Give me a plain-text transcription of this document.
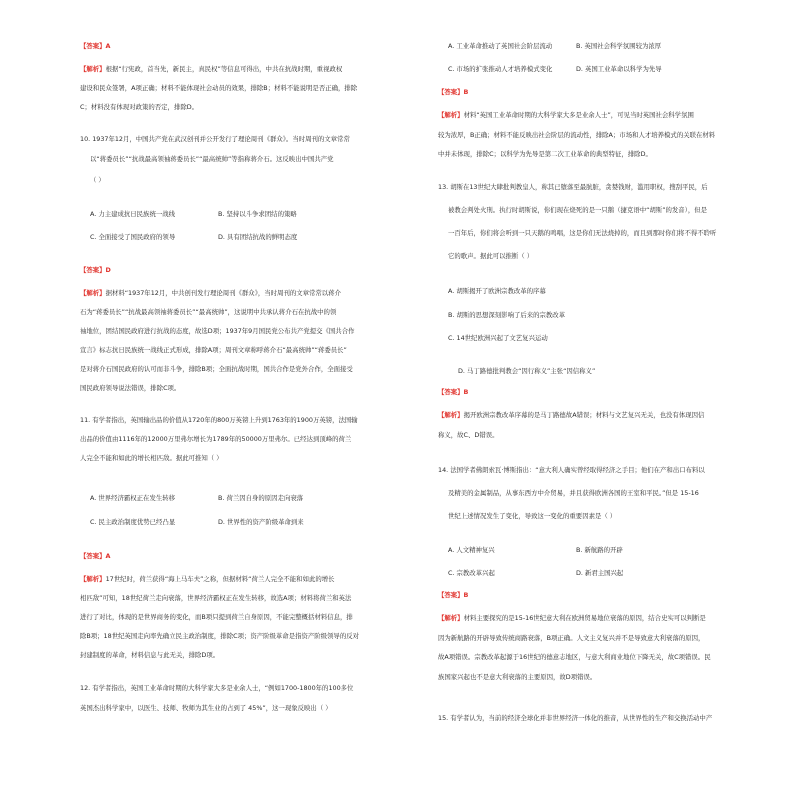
【答案】A
【解析】根据“行宪政，首当先，新民主，真民权”等信息可得出，中共在抗战时期，重视政权
建设和民众签署，A项正确；材料不能体现社会动员的效果，排除B；材料不能说明是否正确，排除
C；材料没有体现对政策的否定，排除D。
10. 1937年12月，中国共产党在武汉创刊并公开发行了理论周刊《群众》。当时周刊的文章常常
以“蒋委员长”“抗战最高领袖蒋委员长”“最高统帅”等指称蒋介石。这反映出中国共产党
（ ）
A. 力主建成抗日民族统一战线	B. 坚持以斗争求团结的策略
C. 全面接受了国民政府的领导	D. 具有团结抗战的鲜明态度
【答案】D
【解析】据材料“1937年12月，中共创刊发行理论周刊《群众》，当时周刊的文章常常以蒋介
石为“蒋委员长”“抗战最高领袖蒋委员长”“最高统帅”，这说明中共承认蒋介石在抗战中的领
袖地位，团结国民政府进行抗战的态度，故选D项；1937年9月国民党公布共产党提交《国共合作
宣言》标志抗日民族统一战线正式形成，排除A项；周刊文章称呼蒋介石“最高统帅”“蒋委员长”
是对蒋介石国民政府的认可而非斗争，排除B项；全面抗战时期，国共合作是党外合作，全面接受
国民政府领导说法错误，排除C项。
11. 有学者指出，英国输出品的价值从1720年的800万英镑上升到1763年的1900万英镑，法国输
出品的价值由1116年的12000万里弗尔增长为1789年的50000万里弗尔。已经达到顶峰的荷兰
人完全不能和如此的增长相匹敌。据此可推知（ ）
A. 世界经济霸权正在发生转移	B. 荷兰因自身的原因走向衰落
C. 民主政治制度优势已经凸显	D. 世界性的资产阶级革命到来
【答案】A
【解析】17世纪时，荷兰获得“海上马车夫”之称，但据材料“荷兰人完全不能和如此的增长
相匹敌”可知，18世纪荷兰走向衰落，世界经济霸权正在发生转移，故选A项；材料将荷兰和英法
进行了对比，体现的是世界商务的变化，而B项只提到荷兰自身原因，不能完整概括材料信息，排
除B项；18世纪英国走向率先确立民主政治制度，排除C项；资产阶级革命是指资产阶级领导的反对
封建制度的革命，材料信息与此无关，排除D项。
12. 有学者指出，英国工业革命时期的大科学家大多是业余人士，“例如1700-1800年的100多位
英国杰出科学家中，以医生、技师、牧师为其生业的占到了 45%”，这一现象反映出（ ）
A. 工业革命推动了英国社会阶层流动	B. 英国社会科学氛围较为浓厚
C. 市场的扩张推动人才培养模式变化	D. 英国工业革命以科学为先导
【答案】B
【解析】材料“英国工业革命时期的大科学家大多是业余人士”，可见当时英国社会科学氛围
较为浓厚，B正确；材料不能反映出社会阶层的流动性，排除A；市场和人才培养模式的关联在材料
中并未体现，排除C；以科学为先导是第二次工业革命的典型特征，排除D。
13. 胡斯在13世纪大肆批判教皇人，称其已堕落至最肮脏，贪婪钱财，滥用职权，搜刮平民，后
被教会判处火刑。执行时胡斯说，你们现在烧死的是一只鹅（捷克语中“胡斯”的发音），但是
一百年后，你们将会听到一只天鹅的鸣唱，这是你们无法烧掉的，而且到那时你们将不得不聆听
它的歌声。据此可以推断（ ）
A. 胡斯揭开了欧洲宗教改革的序幕
B. 胡斯的思想深刻影响了后来的宗教改革
C. 14世纪欧洲兴起了文艺复兴运动
D. 马丁路德批判教会“因行称义”主张“因信称义”
【答案】B
【解析】揭开欧洲宗教改革序幕的是马丁路德故A错误；材料与文艺复兴无关，也没有体现因信
称义，故C、D错误。
14. 法国学者佛朗索瓦·博斯指出：“意大利人确实曾经取得经济之手目；他们在产和出口布料以
及精美的金属制品，从事东西方中介贸易，并且获得欧洲各国的王室和平民。”但是 15-16
世纪上述情况发生了变化，导致这一变化的重要因素是（ ）
A. 人文精神复兴	B. 新航路的开辟
C. 宗教改革兴起	D. 新君主国兴起
【答案】B
【解析】材料主要探究的是15-16世纪意大利在欧洲贸易地位衰落的原因，结合史实可以判断是
因为新航路的开辟导致传统商路衰落，B项正确。人文主义复兴并不是导致意大利衰落的原因，
故A项错误。宗教改革起源于16世纪的德意志地区，与意大利商业地位下降无关，故C项错误。民
族国家兴起也不是意大利衰落的主要原因，故D项错误。
15. 有学者认为，当前的经济全球化并非世界经济一体化的推音，从世界性的生产和交换活动中产
